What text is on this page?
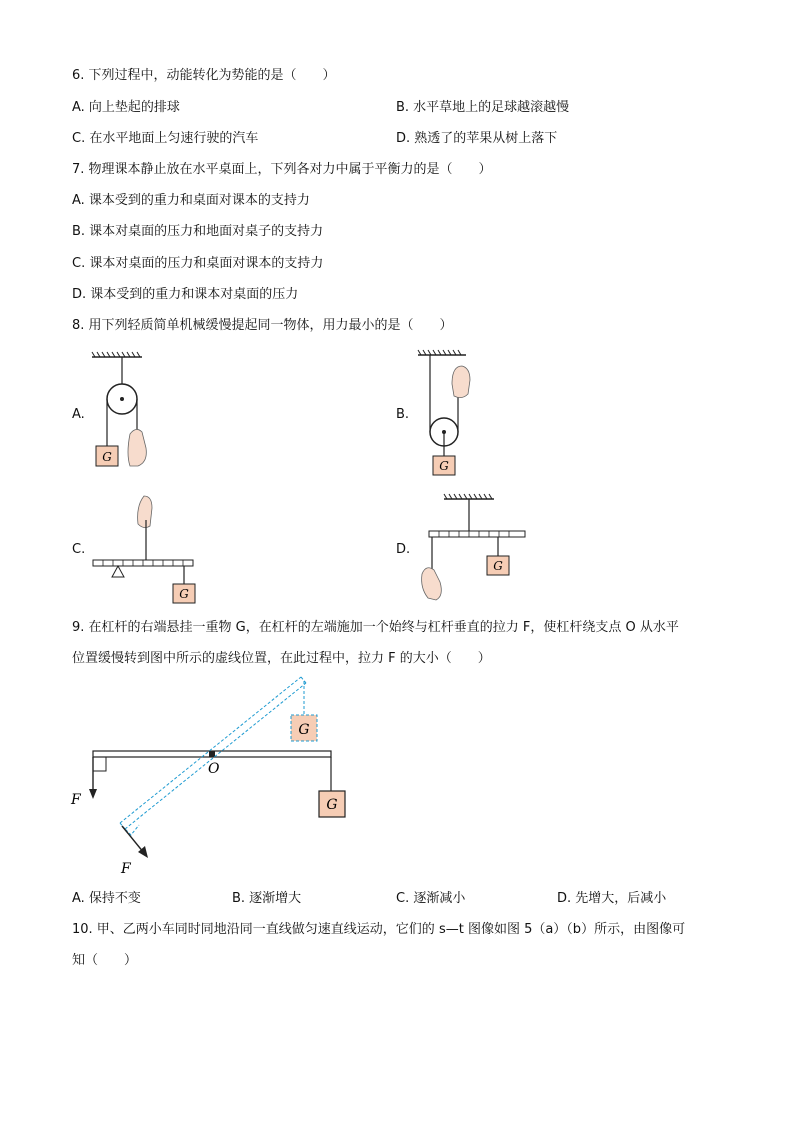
6. 下列过程中，动能转化为势能的是（　　）
A. 向上垫起的排球	B. 水平草地上的足球越滚越慢
C. 在水平地面上匀速行驶的汽车	D. 熟透了的苹果从树上落下
7. 物理课本静止放在水平桌面上，下列各对力中属于平衡力的是（　　）
A. 课本受到的重力和桌面对课本的支持力
B. 课本对桌面的压力和地面对桌子的支持力
C. 课本对桌面的压力和桌面对课本的支持力
D. 课本受到的重力和课本对桌面的压力
8. 用下列轻质简单机械缓慢提起同一物体，用力最小的是（　　）
A.	B.
C.	D.
G
G
G
G
9. 在杠杆的右端悬挂一重物 G，在杠杆的左端施加一个始终与杠杆垂直的拉力 F，使杠杆绕支点 O 从水平
位置缓慢转到图中所示的虚线位置，在此过程中，拉力 F 的大小（　　）
F
O
G
G
F
A. 保持不变	B. 逐渐增大	C. 逐渐减小	D. 先增大，后减小
10. 甲、乙两小车同时同地沿同一直线做匀速直线运动，它们的 s—t 图像如图 5（a）（b）所示，由图像可
知（　　）
